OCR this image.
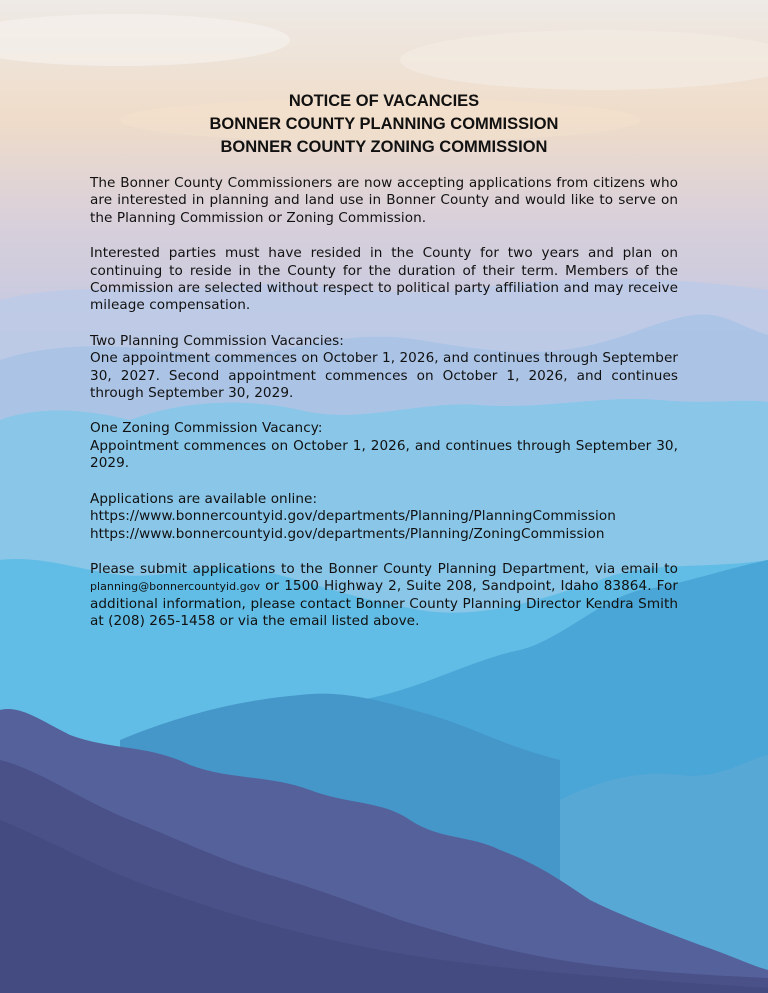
NOTICE OF VACANCIES
BONNER COUNTY PLANNING COMMISSION
BONNER COUNTY ZONING COMMISSION

The Bonner County Commissioners are now accepting applications from citizens who are interested in planning and land use in Bonner County and would like to serve on the Planning Commission or Zoning Commission.

Interested parties must have resided in the County for two years and plan on continuing to reside in the County for the duration of their term. Members of the Commission are selected without respect to political party affiliation and may receive mileage compensation.

Two Planning Commission Vacancies:
One appointment commences on October 1, 2026, and continues through September 30, 2027. Second appointment commences on October 1, 2026, and continues through September 30, 2029.

One Zoning Commission Vacancy:
Appointment commences on October 1, 2026, and continues through September 30, 2029.

Applications are available online:
https://www.bonnercountyid.gov/departments/Planning/PlanningCommission
https://www.bonnercountyid.gov/departments/Planning/ZoningCommission

Please submit applications to the Bonner County Planning Department, via email to planning@bonnercountyid.gov or 1500 Highway 2, Suite 208, Sandpoint, Idaho 83864. For additional information, please contact Bonner County Planning Director Kendra Smith at (208) 265-1458 or via the email listed above.
